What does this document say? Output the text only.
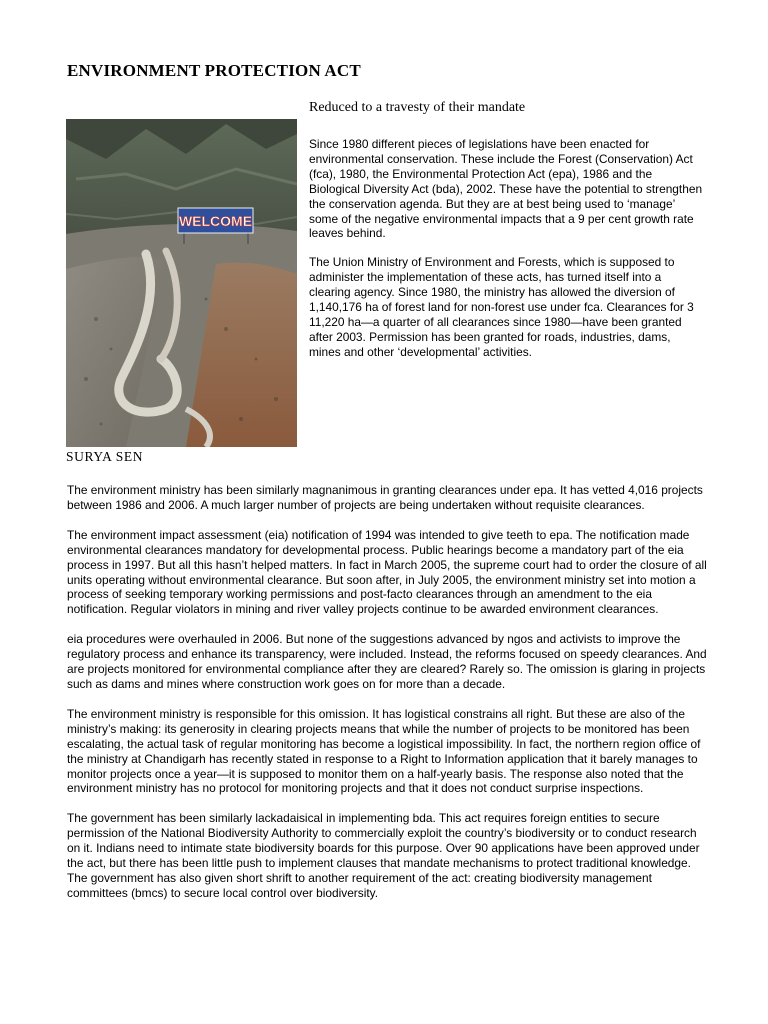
ENVIRONMENT PROTECTION ACT
Reduced to a travesty of their mandate
WELCOME
SURYA SEN

Since 1980 different pieces of legislations have been enacted for environmental conservation. These include the Forest (Conservation) Act (fca), 1980, the Environmental Protection Act (epa), 1986 and the Biological Diversity Act (bda), 2002. These have the potential to strengthen the conservation agenda. But they are at best being used to ‘manage’ some of the negative environmental impacts that a 9 per cent growth rate leaves behind.

The Union Ministry of Environment and Forests, which is supposed to administer the implementation of these acts, has turned itself into a clearing agency. Since 1980, the ministry has allowed the diversion of 1,140,176 ha of forest land for non-forest use under fca. Clearances for 3 11,220 ha—a quarter of all clearances since 1980—have been granted after 2003. Permission has been granted for roads, industries, dams, mines and other ‘developmental’ activities.

The environment ministry has been similarly magnanimous in granting clearances under epa. It has vetted 4,016 projects between 1986 and 2006. A much larger number of projects are being undertaken without requisite clearances.

The environment impact assessment (eia) notification of 1994 was intended to give teeth to epa. The notification made environmental clearances mandatory for developmental process. Public hearings become a mandatory part of the eia process in 1997. But all this hasn’t helped matters. In fact in March 2005, the supreme court had to order the closure of all units operating without environmental clearance. But soon after, in July 2005, the environment ministry set into motion a process of seeking temporary working permissions and post-facto clearances through an amendment to the eia notification. Regular violators in mining and river valley projects continue to be awarded environment clearances.

eia procedures were overhauled in 2006. But none of the suggestions advanced by ngos and activists to improve the regulatory process and enhance its transparency, were included. Instead, the reforms focused on speedy clearances. And are projects monitored for environmental compliance after they are cleared? Rarely so. The omission is glaring in projects such as dams and mines where construction work goes on for more than a decade.

The environment ministry is responsible for this omission. It has logistical constrains all right. But these are also of the ministry’s making: its generosity in clearing projects means that while the number of projects to be monitored has been escalating, the actual task of regular monitoring has become a logistical impossibility. In fact, the northern region office of the ministry at Chandigarh has recently stated in response to a Right to Information application that it barely manages to monitor projects once a year—it is supposed to monitor them on a half-yearly basis. The response also noted that the environment ministry has no protocol for monitoring projects and that it does not conduct surprise inspections.

The government has been similarly lackadaisical in implementing bda. This act requires foreign entities to secure permission of the National Biodiversity Authority to commercially exploit the country’s biodiversity or to conduct research on it. Indians need to intimate state biodiversity boards for this purpose. Over 90 applications have been approved under the act, but there has been little push to implement clauses that mandate mechanisms to protect traditional knowledge. The government has also given short shrift to another requirement of the act: creating biodiversity management committees (bmcs) to secure local control over biodiversity.
